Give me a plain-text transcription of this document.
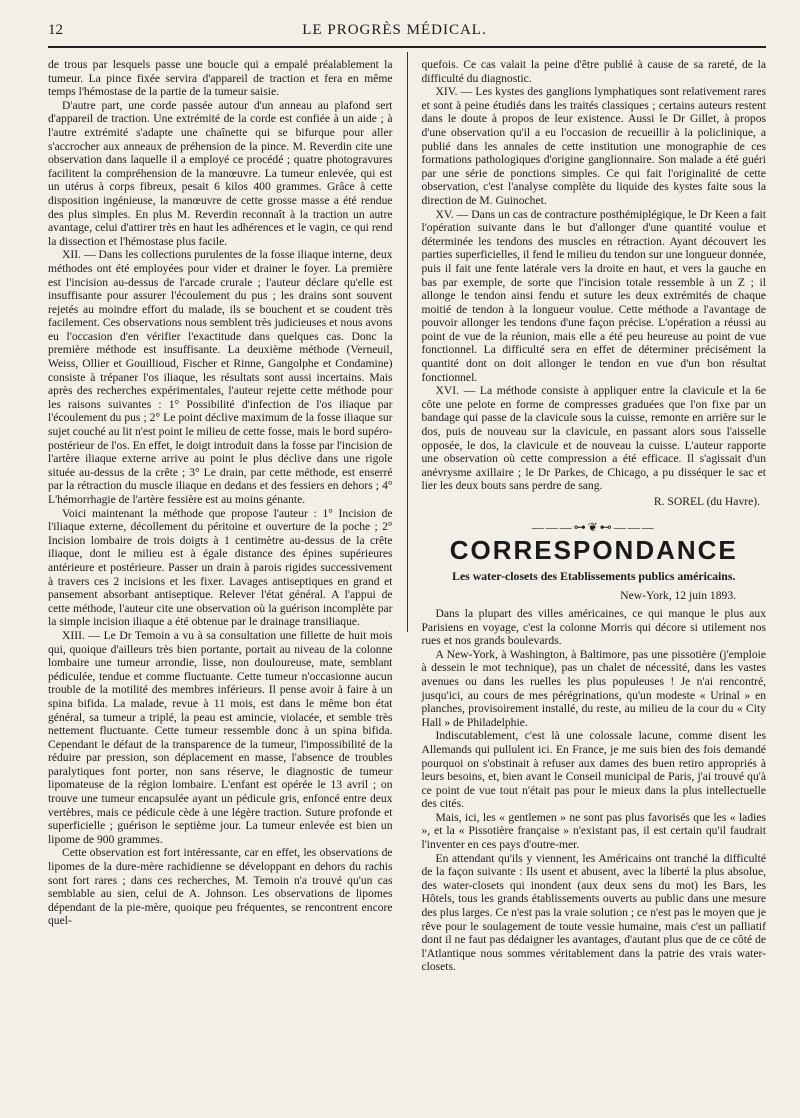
12	LE PROGRÈS MÉDICAL.

de trous par lesquels passe une boucle qui a empalé préalablement la tumeur. La pince fixée servira d'appareil de traction et fera en même temps l'hémostase de la partie de la tumeur saisie.

D'autre part, une corde passée autour d'un anneau au plafond sert d'appareil de traction. Une extrémité de la corde est confiée à un aide ; à l'autre extrémité s'adapte une chaînette qui se bifurque pour aller s'accrocher aux anneaux de préhension de la pince. M. Reverdin cite une observation dans laquelle il a employé ce procédé ; quatre photogravures facilitent la compréhension de la manœuvre. La tumeur enlevée, qui est un utérus à corps fibreux, pesait 6 kilos 400 grammes. Grâce à cette disposition ingénieuse, la manœuvre de cette grosse masse a été rendue des plus simples. En plus M. Reverdin reconnaît à la traction un autre avantage, celui d'attirer très en haut les adhérences et le vagin, ce qui rend la dissection et l'hémostase plus facile.

XII. — Dans les collections purulentes de la fosse iliaque interne, deux méthodes ont été employées pour vider et drainer le foyer. La première est l'incision au-dessus de l'arcade crurale ; l'auteur déclare qu'elle est insuffisante pour assurer l'écoulement du pus ; les drains sont souvent rejetés au moindre effort du malade, ils se bouchent et se coudent très facilement. Ces observations nous semblent très judicieuses et nous avons eu l'occasion d'en vérifier l'exactitude dans quelques cas. Donc la première méthode est insuffisante. La deuxième méthode (Verneuil, Weiss, Ollier et Gouillioud, Fischer et Rinne, Gangolphe et Condamine) consiste à trépaner l'os iliaque, les résultats sont aussi incertains. Mais après des recherches expérimentales, l'auteur rejette cette méthode pour les raisons suivantes : 1° Possibilité d'infection de l'os iliaque par l'écoulement du pus ; 2° Le point déclive maximum de la fosse iliaque sur sujet couché au lit n'est point le milieu de cette fosse, mais le bord supéro-postérieur de l'os. En effet, le doigt introduit dans la fosse par l'incision de l'artère iliaque externe arrive au point le plus déclive dans une rigole située au-dessus de la crête ; 3° Le drain, par cette méthode, est enserré par la rétraction du muscle iliaque en dedans et des fessiers en dehors ; 4° L'hémorrhagie de l'artère fessière est au moins génante.

Voici maintenant la méthode que propose l'auteur : 1° Incision de l'iliaque externe, décollement du péritoine et ouverture de la poche ; 2° Incision lombaire de trois doigts à 1 centimètre au-dessus de la crête iliaque, dont le milieu est à égale distance des épines supérieures antérieure et postérieure. Passer un drain à parois rigides successivement à travers ces 2 incisions et les fixer. Lavages antiseptiques en grand et pansement absorbant antiseptique. Relever l'état général. A l'appui de cette méthode, l'auteur cite une observation où la guérison incomplète par la simple incision iliaque a été obtenue par le drainage transiliaque.

XIII. — Le Dr Temoin a vu à sa consultation une fillette de huit mois qui, quoique d'ailleurs très bien portante, portait au niveau de la colonne lombaire une tumeur arrondie, lisse, non douloureuse, mate, semblant pédiculée, tendue et comme fluctuante. Cette tumeur n'occasionne aucun trouble de la motilité des membres inférieurs. Il pense avoir à faire à un spina bifida. La malade, revue à 11 mois, est dans le même bon état général, sa tumeur a triplé, la peau est amincie, violacée, et semble très nettement fluctuante. Cette tumeur ressemble donc à un spina bifida. Cependant le défaut de la transparence de la tumeur, l'impossibilité de la réduire par pression, son déplacement en masse, l'absence de troubles paralytiques font porter, non sans réserve, le diagnostic de tumeur lipomateuse de la région lombaire. L'enfant est opérée le 13 avril ; on trouve une tumeur encapsulée ayant un pédicule gris, enfoncé entre deux vertèbres, mais ce pédicule cède à une légère traction. Suture profonde et superficielle ; guérison le septième jour. La tumeur enlevée est bien un lipome de 900 grammes.

Cette observation est fort intéressante, car en effet, les observations de lipomes de la dure-mère rachidienne se développant en dehors du rachis sont fort rares ; dans ces recherches, M. Temoin n'a trouvé qu'un cas semblable au sien, celui de A. Johnson. Les observations de lipomes dépendant de la pie-mère, quoique peu fréquentes, se rencontrent encore quel-

quefois. Ce cas valait la peine d'être publié à cause de sa rareté, de la difficulté du diagnostic.

XIV. — Les kystes des ganglions lymphatiques sont relativement rares et sont à peine étudiés dans les traités classiques ; certains auteurs restent dans le doute à propos de leur existence. Aussi le Dr Gillet, à propos d'une observation qu'il a eu l'occasion de recueillir à la policlinique, a publié dans les annales de cette institution une monographie de ces formations pathologiques d'origine ganglionnaire. Son malade a été guéri par une série de ponctions simples. Ce qui fait l'originalité de cette observation, c'est l'analyse complète du liquide des kystes faite sous la direction de M. Guinochet.

XV. — Dans un cas de contracture posthémiplégique, le Dr Keen a fait l'opération suivante dans le but d'allonger d'une quantité voulue et déterminée les tendons des muscles en rétraction. Ayant découvert les parties superficielles, il fend le milieu du tendon sur une longueur donnée, puis il fait une fente latérale vers la droite en haut, et vers la gauche en bas par exemple, de sorte que l'incision totale ressemble à un Z ; il allonge le tendon ainsi fendu et suture les deux extrémités de chaque moitié de tendon à la longueur voulue. Cette méthode a l'avantage de pouvoir allonger les tendons d'une façon précise. L'opération a réussi au point de vue de la réunion, mais elle a été peu heureuse au point de vue fonctionnel. La difficulté sera en effet de déterminer précisément la quantité dont on doit allonger le tendon en vue d'un bon résultat fonctionnel.

XVI. — La méthode consiste à appliquer entre la clavicule et la 6e côte une pelote en forme de compresses graduées que l'on fixe par un bandage qui passe de la clavicule sous la cuisse, remonte en arrière sur le dos, puis de nouveau sur la clavicule, en passant alors sous l'aisselle opposée, le dos, la clavicule et de nouveau la cuisse. L'auteur rapporte une observation où cette compression a été efficace. Il s'agissait d'un anévrysme axillaire ; le Dr Parkes, de Chicago, a pu disséquer le sac et lier les deux bouts sans perdre de sang.

R. SOREL (du Havre).
———⊶❦⊷———
CORRESPONDANCE
Les water-closets des Etablissements publics américains.
New-York, 12 juin 1893.

Dans la plupart des villes américaines, ce qui manque le plus aux Parisiens en voyage, c'est la colonne Morris qui décore si utilement nos rues et nos grands boulevards.

A New-York, à Washington, à Baltimore, pas une pissotière (j'emploie à dessein le mot technique), pas un chalet de nécessité, dans les vastes avenues ou dans les ruelles les plus populeuses ! Je n'ai rencontré, jusqu'ici, au cours de mes pérégrinations, qu'un modeste « Urinal » en planches, provisoirement installé, du reste, au milieu de la cour du « City Hall » de Philadelphie.

Indiscutablement, c'est là une colossale lacune, comme disent les Allemands qui pullulent ici. En France, je me suis bien des fois demandé pourquoi on s'obstinait à refuser aux dames des buen retiro appropriés à leurs besoins, et, bien avant le Conseil municipal de Paris, j'ai trouvé qu'à ce point de vue tout n'était pas pour le mieux dans la plus intellectuelle des cités.

Mais, ici, les « gentlemen » ne sont pas plus favorisés que les « ladies », et la « Pissotière française » n'existant pas, il est certain qu'il faudrait l'inventer en ces pays d'outre-mer.

En attendant qu'ils y viennent, les Américains ont tranché la difficulté de la façon suivante : Ils usent et abusent, avec la liberté la plus absolue, des water-closets qui inondent (aux deux sens du mot) les Bars, les Hôtels, tous les grands établissements ouverts au public dans une mesure des plus larges. Ce n'est pas la vraie solution ; ce n'est pas le moyen que je rêve pour le soulagement de toute vessie humaine, mais c'est un palliatif dont il ne faut pas dédaigner les avantages, d'autant plus que de ce côté de l'Atlantique nous sommes véritablement dans la patrie des vrais water-closets.
